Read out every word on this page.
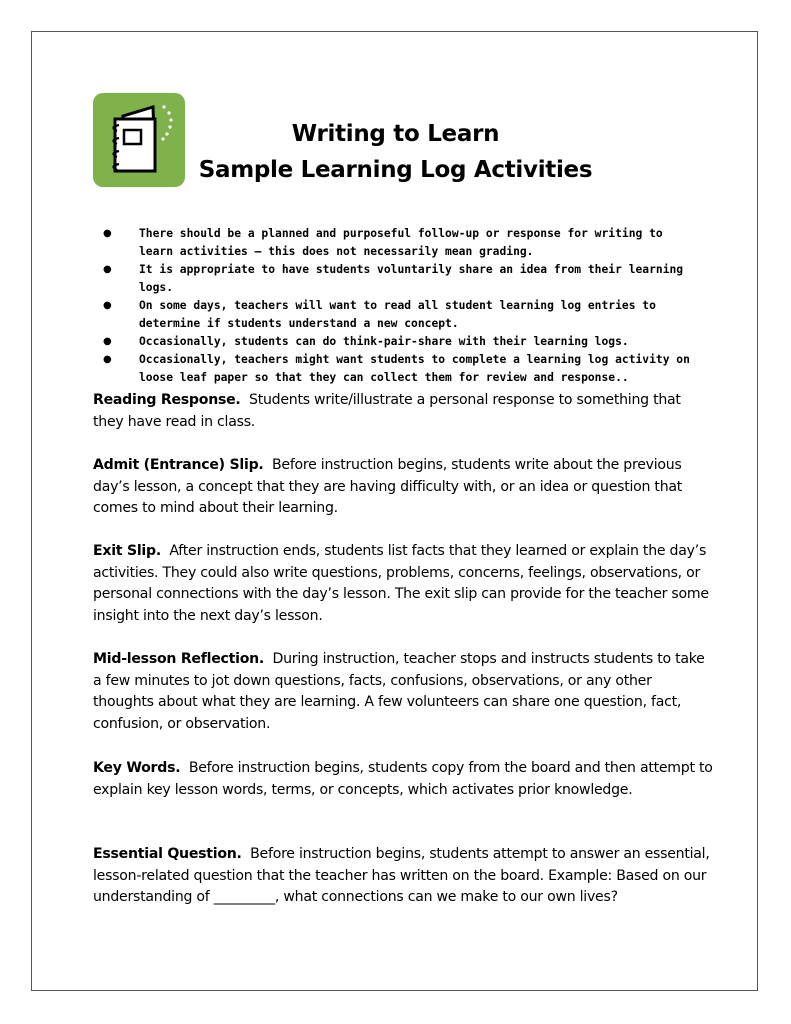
Writing to Learn
Sample Learning Log Activities
● There should be a planned and purposeful follow-up or response for writing to learn activities – this does not necessarily mean grading.
● It is appropriate to have students voluntarily share an idea from their learning logs.
● On some days, teachers will want to read all student learning log entries to determine if students understand a new concept.
● Occasionally, students can do think-pair-share with their learning logs.
● Occasionally, teachers might want students to complete a learning log activity on loose leaf paper so that they can collect them for review and response..
Reading Response. Students write/illustrate a personal response to something that they have read in class.
Admit (Entrance) Slip. Before instruction begins, students write about the previous day’s lesson, a concept that they are having difficulty with, or an idea or question that comes to mind about their learning.
Exit Slip. After instruction ends, students list facts that they learned or explain the day’s activities. They could also write questions, problems, concerns, feelings, observations, or personal connections with the day’s lesson. The exit slip can provide for the teacher some insight into the next day’s lesson.
Mid-lesson Reflection. During instruction, teacher stops and instructs students to take a few minutes to jot down questions, facts, confusions, observations, or any other thoughts about what they are learning. A few volunteers can share one question, fact, confusion, or observation.
Key Words. Before instruction begins, students copy from the board and then attempt to explain key lesson words, terms, or concepts, which activates prior knowledge.
Essential Question. Before instruction begins, students attempt to answer an essential, lesson-related question that the teacher has written on the board. Example: Based on our understanding of _________, what connections can we make to our own lives?
